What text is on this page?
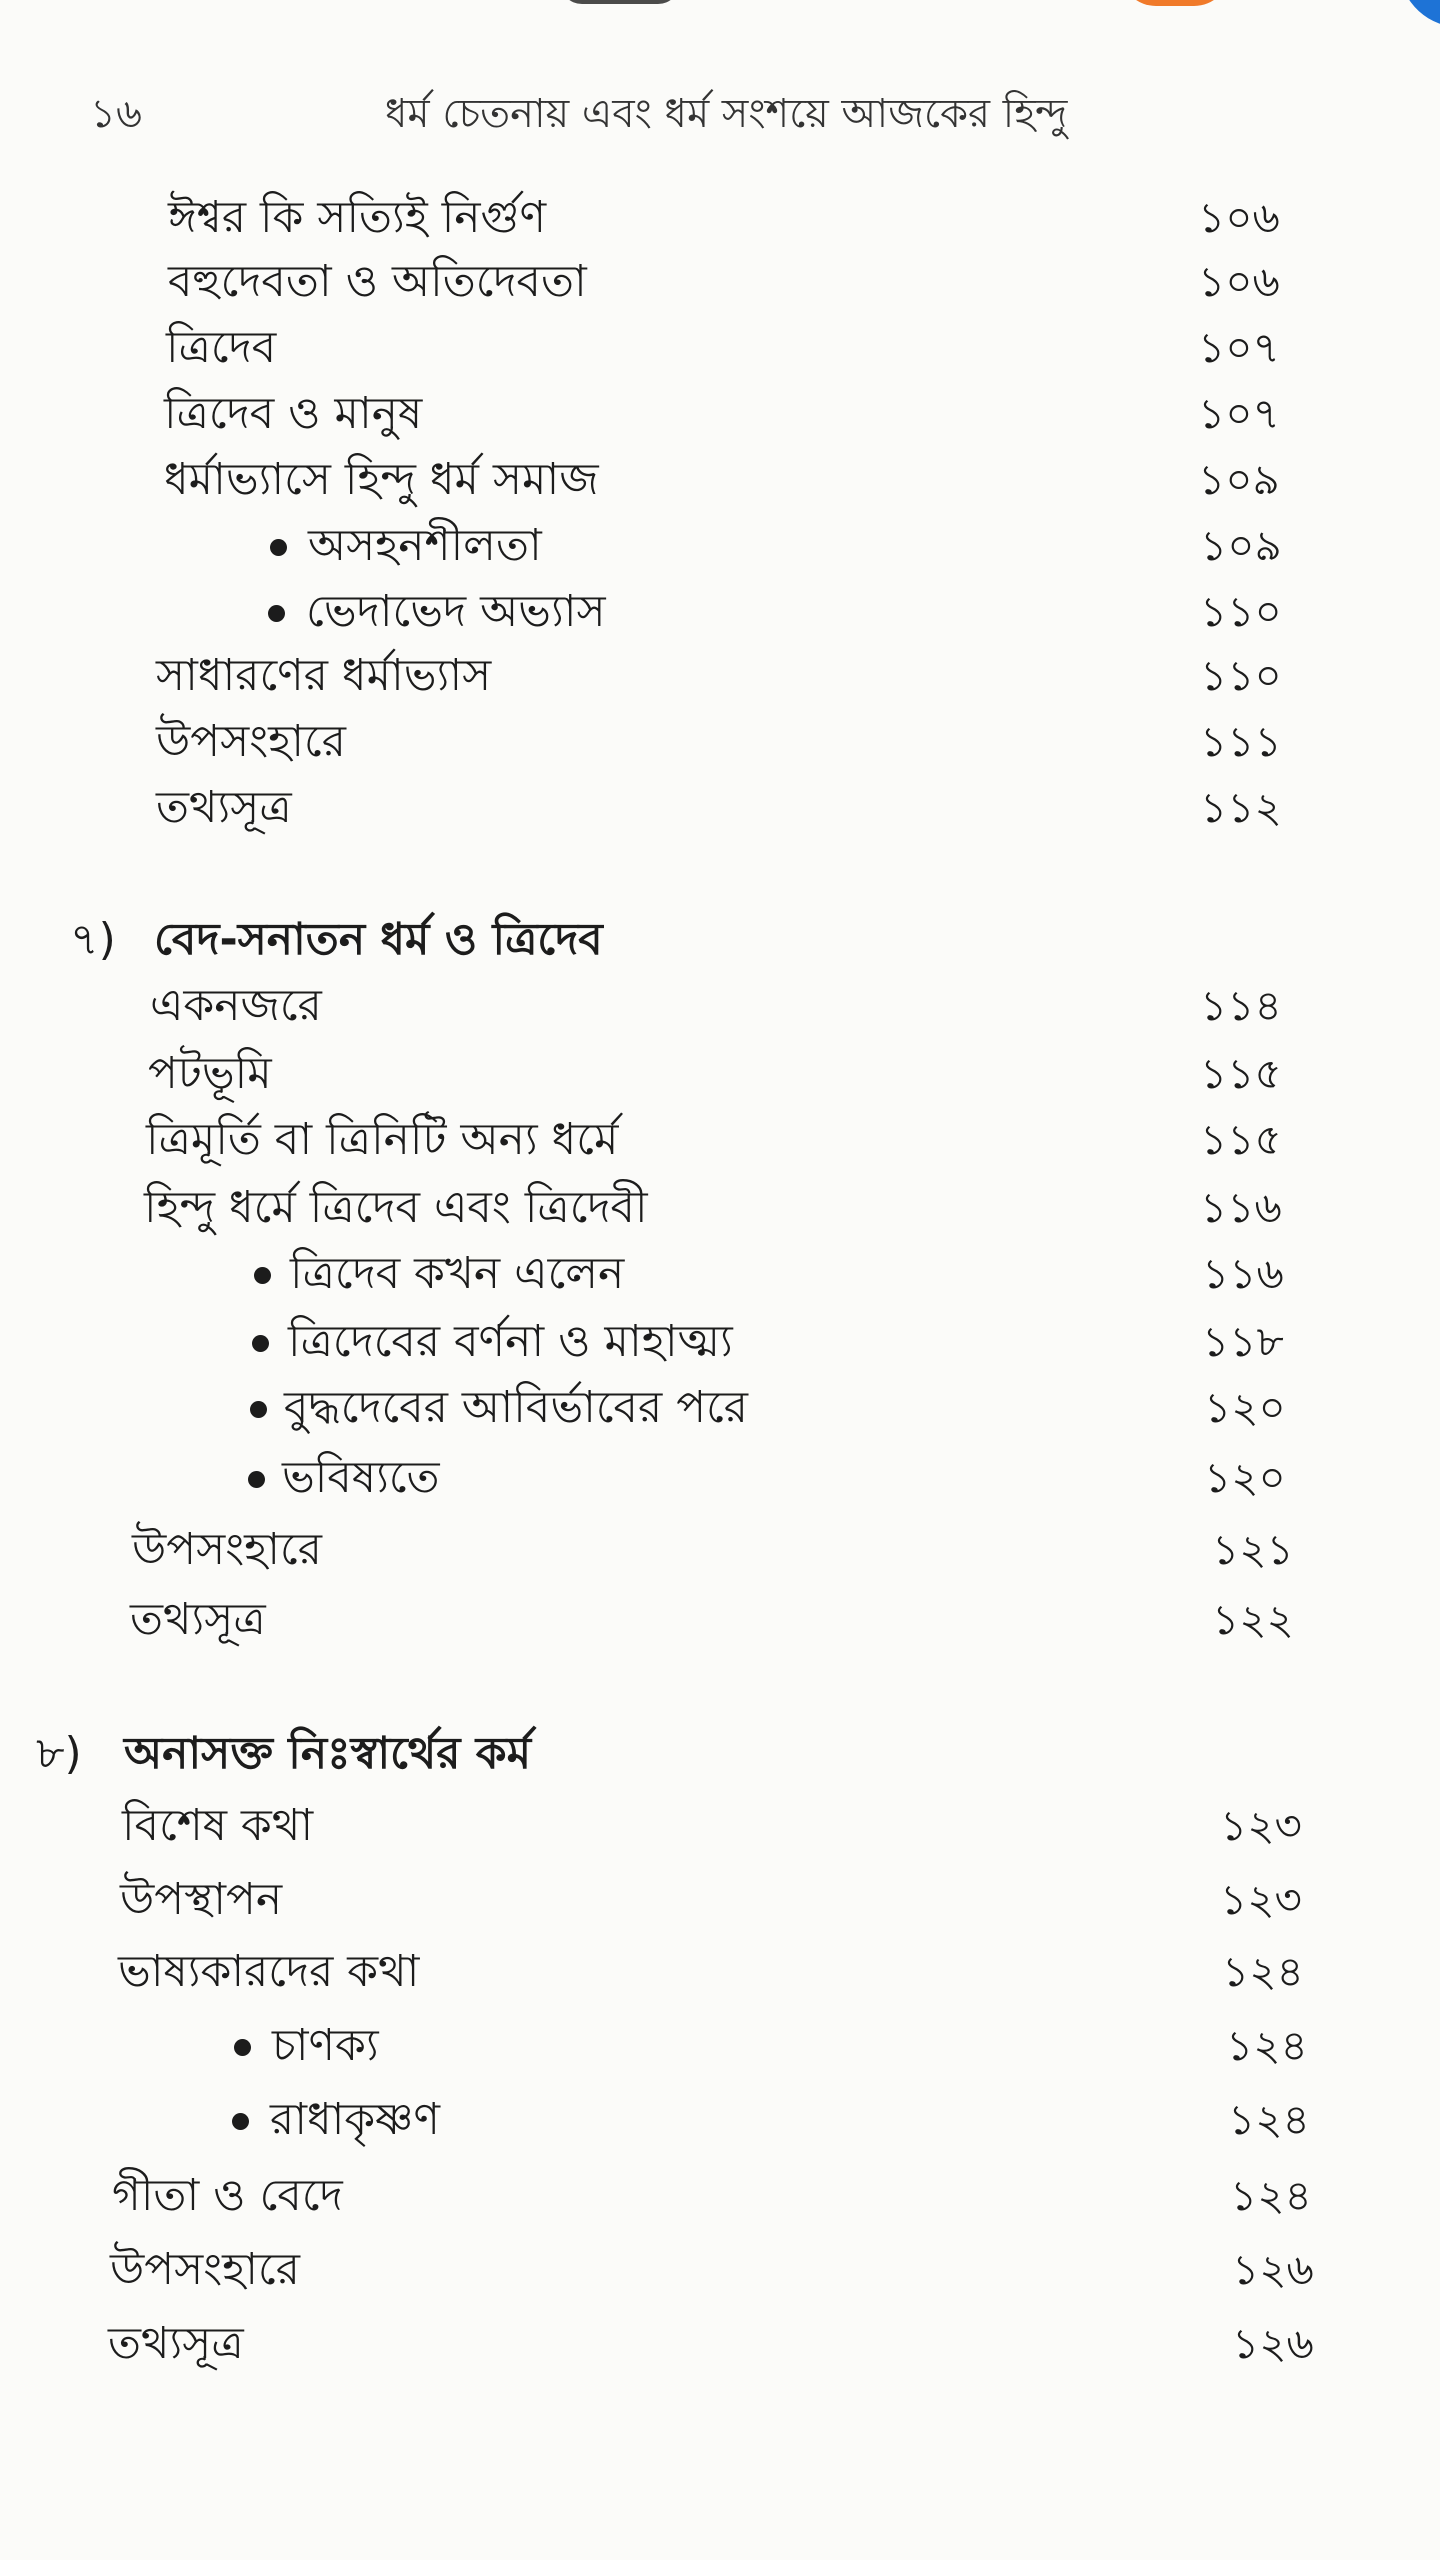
১৬	ধর্ম চেতনায় এবং ধর্ম সংশয়ে আজকের হিন্দু
ঈশ্বর কি সত্যিই নির্গুণ	১০৬
বহুদেবতা ও অতিদেবতা	১০৬
ত্রিদেব	১০৭
ত্রিদেব ও মানুষ	১০৭
ধর্মাভ্যাসে হিন্দু ধর্ম সমাজ	১০৯
অসহনশীলতা	১০৯
ভেদাভেদ অভ্যাস	১১০
সাধারণের ধর্মাভ্যাস	১১০
উপসংহারে	১১১
তথ্যসূত্র	১১২
৭) বেদ-সনাতন ধর্ম ও ত্রিদেব
একনজরে	১১৪
পটভূমি	১১৫
ত্রিমূর্তি বা ত্রিনিটি অন্য ধর্মে	১১৫
হিন্দু ধর্মে ত্রিদেব এবং ত্রিদেবী	১১৬
ত্রিদেব কখন এলেন	১১৬
ত্রিদেবের বর্ণনা ও মাহাত্ম্য	১১৮
বুদ্ধদেবের আবির্ভাবের পরে	১২০
ভবিষ্যতে	১২০
উপসংহারে	১২১
তথ্যসূত্র	১২২
৮) অনাসক্ত নিঃস্বার্থের কর্ম
বিশেষ কথা	১২৩
উপস্থাপন	১২৩
ভাষ্যকারদের কথা	১২৪
চাণক্য	১২৪
রাধাকৃষ্ণণ	১২৪
গীতা ও বেদে	১২৪
উপসংহারে	১২৬
তথ্যসূত্র	১২৬
